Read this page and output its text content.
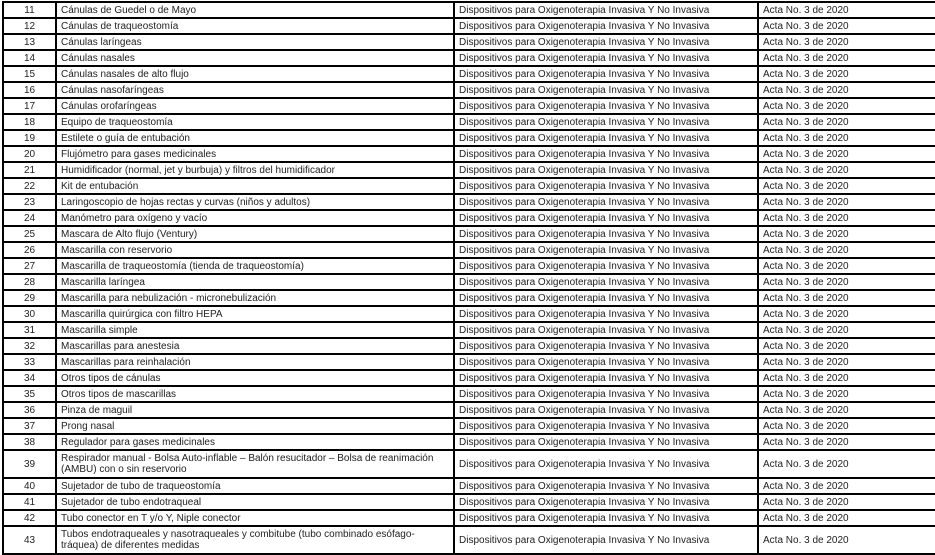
11	Cánulas de Guedel o de Mayo	Dispositivos para Oxigenoterapia Invasiva Y No Invasiva	Acta No. 3 de 2020
12	Cánulas de traqueostomía	Dispositivos para Oxigenoterapia Invasiva Y No Invasiva	Acta No. 3 de 2020
13	Cánulas laríngeas	Dispositivos para Oxigenoterapia Invasiva Y No Invasiva	Acta No. 3 de 2020
14	Cánulas nasales	Dispositivos para Oxigenoterapia Invasiva Y No Invasiva	Acta No. 3 de 2020
15	Cánulas nasales de alto flujo	Dispositivos para Oxigenoterapia Invasiva Y No Invasiva	Acta No. 3 de 2020
16	Cánulas nasofaríngeas	Dispositivos para Oxigenoterapia Invasiva Y No Invasiva	Acta No. 3 de 2020
17	Cánulas orofaríngeas	Dispositivos para Oxigenoterapia Invasiva Y No Invasiva	Acta No. 3 de 2020
18	Equipo de traqueostomía	Dispositivos para Oxigenoterapia Invasiva Y No Invasiva	Acta No. 3 de 2020
19	Estilete o guía de entubación	Dispositivos para Oxigenoterapia Invasiva Y No Invasiva	Acta No. 3 de 2020
20	Flujómetro para gases medicinales	Dispositivos para Oxigenoterapia Invasiva Y No Invasiva	Acta No. 3 de 2020
21	Humidificador (normal, jet y burbuja) y filtros del humidificador	Dispositivos para Oxigenoterapia Invasiva Y No Invasiva	Acta No. 3 de 2020
22	Kit de entubación	Dispositivos para Oxigenoterapia Invasiva Y No Invasiva	Acta No. 3 de 2020
23	Laringoscopio de hojas rectas y curvas (niños y adultos)	Dispositivos para Oxigenoterapia Invasiva Y No Invasiva	Acta No. 3 de 2020
24	Manómetro para oxígeno y vacío	Dispositivos para Oxigenoterapia Invasiva Y No Invasiva	Acta No. 3 de 2020
25	Mascara de Alto flujo (Ventury)	Dispositivos para Oxigenoterapia Invasiva Y No Invasiva	Acta No. 3 de 2020
26	Mascarilla con reservorio	Dispositivos para Oxigenoterapia Invasiva Y No Invasiva	Acta No. 3 de 2020
27	Mascarilla de traqueostomía (tienda de traqueostomía)	Dispositivos para Oxigenoterapia Invasiva Y No Invasiva	Acta No. 3 de 2020
28	Mascarilla laríngea	Dispositivos para Oxigenoterapia Invasiva Y No Invasiva	Acta No. 3 de 2020
29	Mascarilla para nebulización - micronebulización	Dispositivos para Oxigenoterapia Invasiva Y No Invasiva	Acta No. 3 de 2020
30	Mascarilla quirúrgica con filtro HEPA	Dispositivos para Oxigenoterapia Invasiva Y No Invasiva	Acta No. 3 de 2020
31	Mascarilla simple	Dispositivos para Oxigenoterapia Invasiva Y No Invasiva	Acta No. 3 de 2020
32	Mascarillas para anestesia	Dispositivos para Oxigenoterapia Invasiva Y No Invasiva	Acta No. 3 de 2020
33	Mascarillas para reinhalación	Dispositivos para Oxigenoterapia Invasiva Y No Invasiva	Acta No. 3 de 2020
34	Otros tipos de cánulas	Dispositivos para Oxigenoterapia Invasiva Y No Invasiva	Acta No. 3 de 2020
35	Otros tipos de mascarillas	Dispositivos para Oxigenoterapia Invasiva Y No Invasiva	Acta No. 3 de 2020
36	Pinza de maguil	Dispositivos para Oxigenoterapia Invasiva Y No Invasiva	Acta No. 3 de 2020
37	Prong nasal	Dispositivos para Oxigenoterapia Invasiva Y No Invasiva	Acta No. 3 de 2020
38	Regulador para gases medicinales	Dispositivos para Oxigenoterapia Invasiva Y No Invasiva	Acta No. 3 de 2020
39	Respirador manual - Bolsa Auto-inflable – Balón resucitador – Bolsa de reanimación (AMBU) con o sin reservorio	Dispositivos para Oxigenoterapia Invasiva Y No Invasiva	Acta No. 3 de 2020
40	Sujetador de tubo de traqueostomía	Dispositivos para Oxigenoterapia Invasiva Y No Invasiva	Acta No. 3 de 2020
41	Sujetador de tubo endotraqueal	Dispositivos para Oxigenoterapia Invasiva Y No Invasiva	Acta No. 3 de 2020
42	Tubo conector en T y/o Y, Niple conector	Dispositivos para Oxigenoterapia Invasiva Y No Invasiva	Acta No. 3 de 2020
43	Tubos endotraqueales y nasotraqueales y combitube (tubo combinado esófago-tráquea) de diferentes medidas	Dispositivos para Oxigenoterapia Invasiva Y No Invasiva	Acta No. 3 de 2020
